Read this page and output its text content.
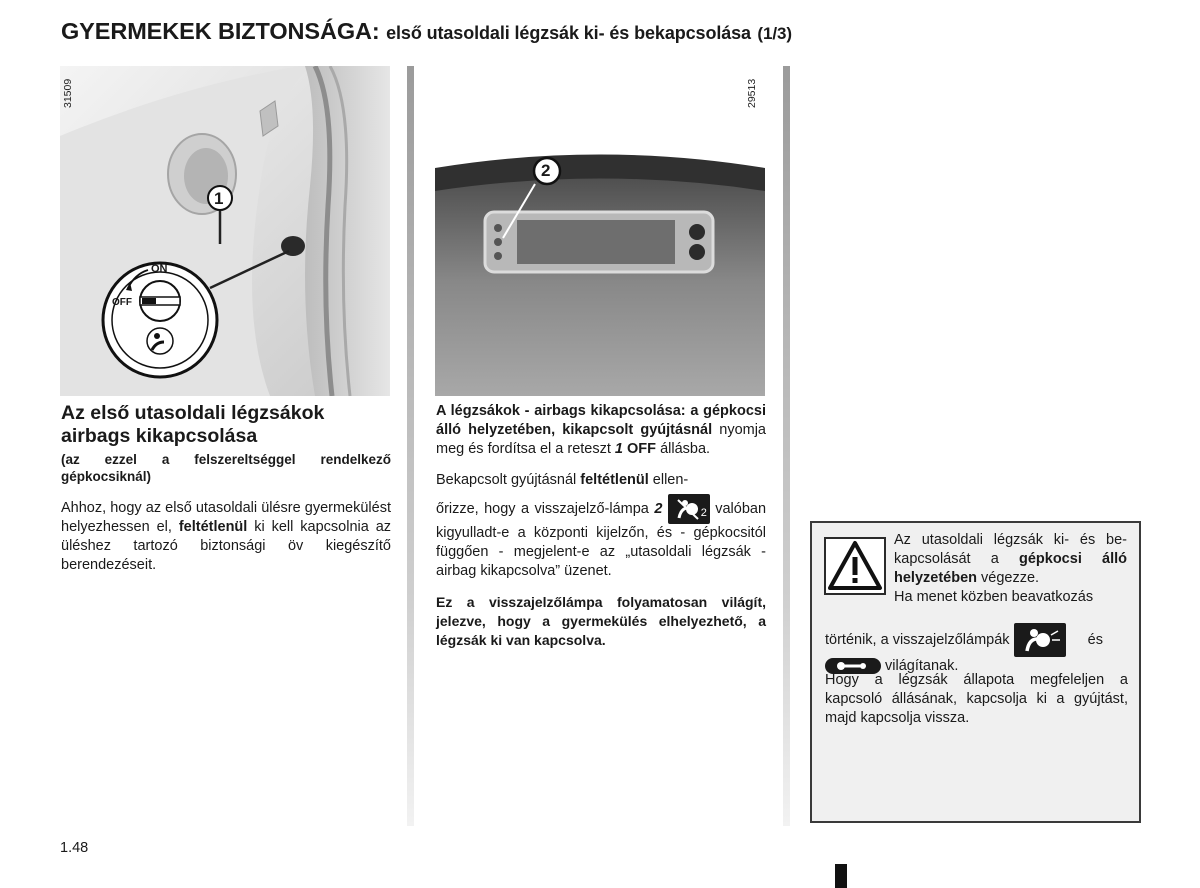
GYERMEKEK BIZTONSÁGA: első utasoldali légzsák ki- és bekapcsolása (1/3)
31509
1
ON
OFF
29513
2
Az első utasoldali légzsákok
airbags kikapcsolása
(az ezzel a felszereltséggel rendelkező gépkocsiknál)

Ahhoz, hogy az első utasoldali ülésre gyermekülést helyezhessen el, feltétlenül ki kell kapcsolnia az üléshez tartozó biztonsági öv kiegészítő berendezéseit.

A légzsákok - airbags kikapcsolása: a gépkocsi álló helyzetében, kikapcsolt gyújtásnál nyomja meg és fordítsa el a reteszt 1 OFF állásba.

Bekapcsolt gyújtásnál feltétlenül ellen-

őrizze, hogy a visszajelző-lámpa 2	2 valóban kigyulladt-e a központi kijelzőn, és - gépkocsitól függően - megjelent-e az „utasoldali légzsák - airbag kikapcsolva” üzenet.

Ez a visszajelzőlámpa folyamatosan világít, jelezve, hogy a gyermekülés elhelyezhető, a légzsák ki van kapcsolva.

Az utasoldali légzsák ki- és bekapcsolását a gépkocsi álló helyzetében végezze.
Ha menet közben beavatkozás
történik, a visszajelzőlámpák	és
világítanak.
Hogy a légzsák állapota megfeleljen a kapcsoló állásának, kapcsolja ki a gyújtást, majd kapcsolja vissza.
1.48
